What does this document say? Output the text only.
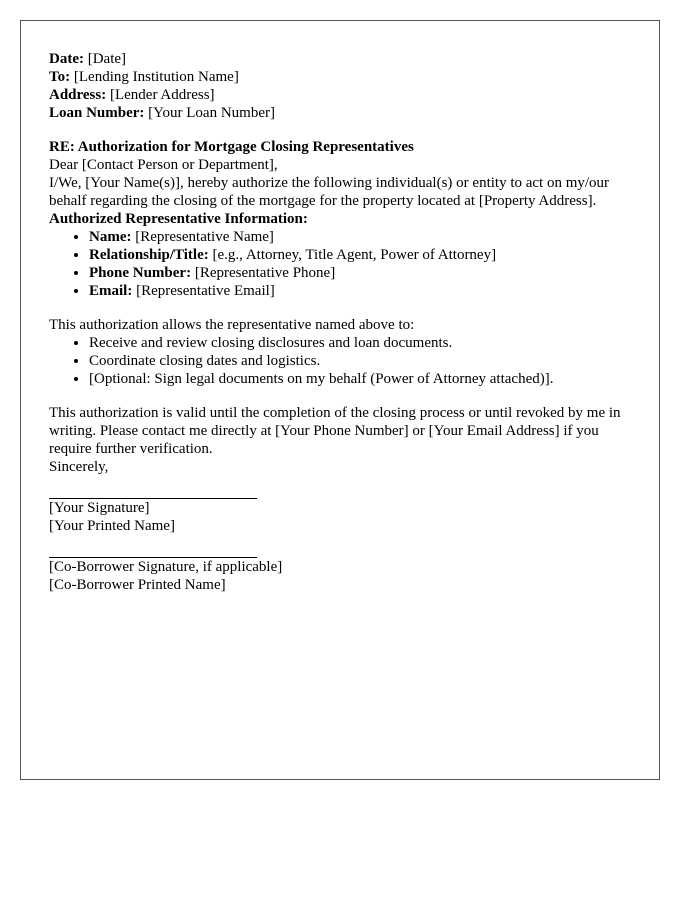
Date: [Date]

To: [Lending Institution Name]

Address: [Lender Address]

Loan Number: [Your Loan Number]

RE: Authorization for Mortgage Closing Representatives

Dear [Contact Person or Department],

I/We, [Your Name(s)], hereby authorize the following individual(s) or entity to act on my/our behalf regarding the closing of the mortgage for the property located at [Property Address].

Authorized Representative Information:

• Name: [Representative Name]
• Relationship/Title: [e.g., Attorney, Title Agent, Power of Attorney]
• Phone Number: [Representative Phone]
• Email: [Representative Email]

This authorization allows the representative named above to:

• Receive and review closing disclosures and loan documents.
• Coordinate closing dates and logistics.
• [Optional: Sign legal documents on my behalf (Power of Attorney attached)].

This authorization is valid until the completion of the closing process or until revoked by me in writing. Please contact me directly at [Your Phone Number] or [Your Email Address] if you require further verification.

Sincerely,

[Your Signature]

[Your Printed Name]

[Co-Borrower Signature, if applicable]

[Co-Borrower Printed Name]
